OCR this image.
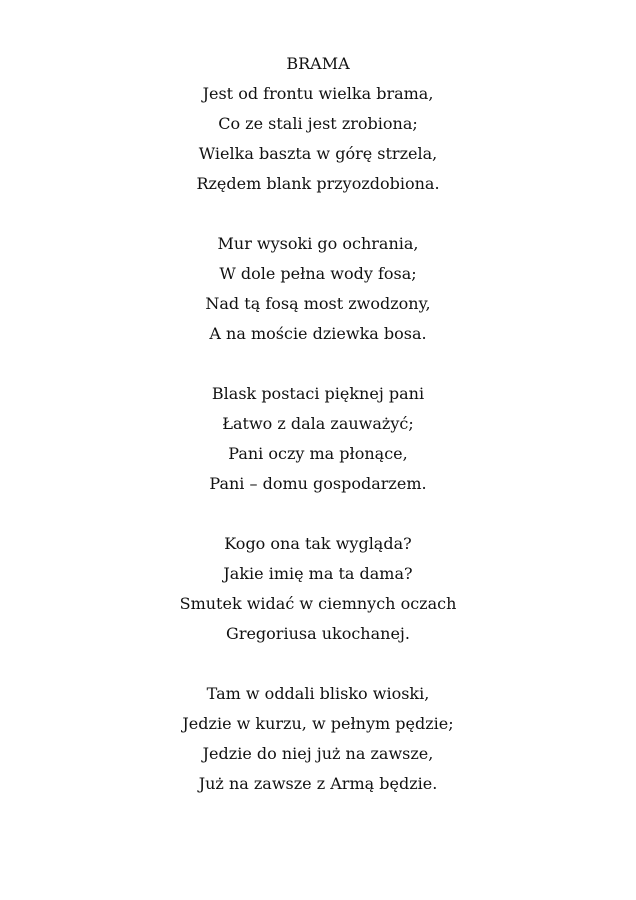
BRAMA
Jest od frontu wielka brama,
Co ze stali jest zrobiona;
Wielka baszta w górę strzela,
Rzędem blank przyozdobiona.
Mur wysoki go ochrania,
W dole pełna wody fosa;
Nad tą fosą most zwodzony,
A na moście dziewka bosa.
Blask postaci pięknej pani
Łatwo z dala zauważyć;
Pani oczy ma płonące,
Pani – domu gospodarzem.
Kogo ona tak wygląda?
Jakie imię ma ta dama?
Smutek widać w ciemnych oczach
Gregoriusa ukochanej.
Tam w oddali blisko wioski,
Jedzie w kurzu, w pełnym pędzie;
Jedzie do niej już na zawsze,
Już na zawsze z Armą będzie.
